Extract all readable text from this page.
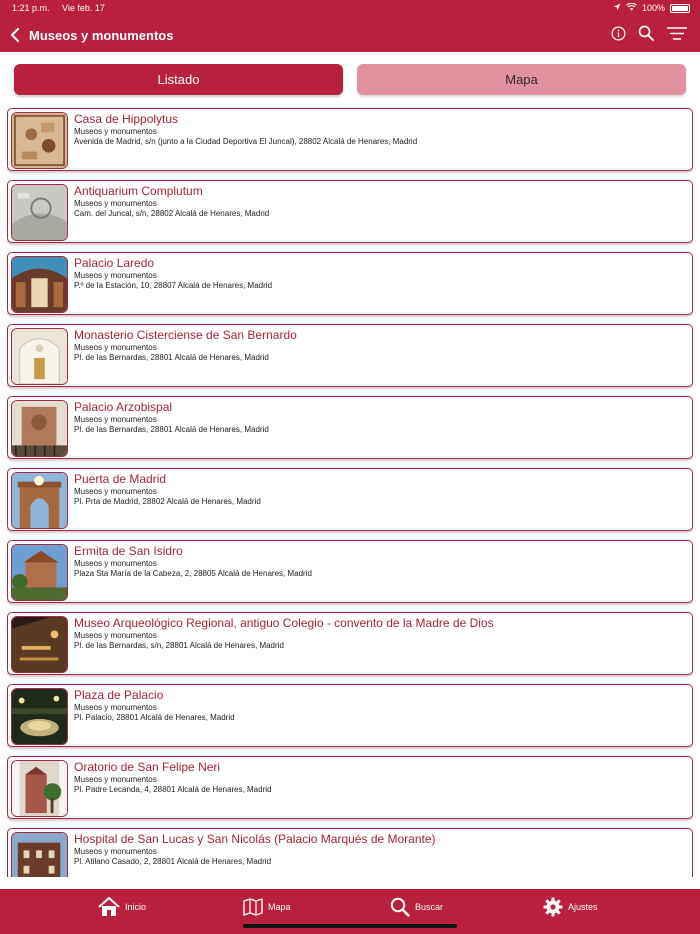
1:21 p.m. Vie feb. 17	100%
Museos y monumentos
Listado	Mapa
Casa de Hippolytus
Museos y monumentos
Avenida de Madrid, s/n (junto a la Ciudad Deportiva El Juncal), 28802 Alcalá de Henares, Madrid
Antiquarium Complutum
Museos y monumentos
Cam. del Juncal, s/n, 28802 Alcalá de Henares, Madrid
Palacio Laredo
Museos y monumentos
P.º de la Estación, 10, 28807 Alcalá de Henares, Madrid
Monasterio Cisterciense de San Bernardo
Museos y monumentos
Pl. de las Bernardas, 28801 Alcalá de Henares, Madrid
Palacio Arzobispal
Museos y monumentos
Pl. de las Bernardas, 28801 Alcalá de Henares, Madrid
Puerta de Madrid
Museos y monumentos
Pl. Prta de Madrid, 28802 Alcalá de Henares, Madrid
Ermita de San Isidro
Museos y monumentos
Plaza Sta María de la Cabeza, 2, 28805 Alcalá de Henares, Madrid
Museo Arqueológico Regional, antiguo Colegio - convento de la Madre de Dios
Museos y monumentos
Pl. de las Bernardas, s/n, 28801 Alcalá de Henares, Madrid
Plaza de Palacio
Museos y monumentos
Pl. Palacio, 28801 Alcalá de Henares, Madrid
Oratorio de San Felipe Neri
Museos y monumentos
Pl. Padre Lecanda, 4, 28801 Alcalá de Henares, Madrid
Hospital de San Lucas y San Nicolás (Palacio Marqués de Morante)
Museos y monumentos
Pl. Atilano Casado, 2, 28801 Alcalá de Henares, Madrid
Inicio	Mapa	Buscar	Ajustes
